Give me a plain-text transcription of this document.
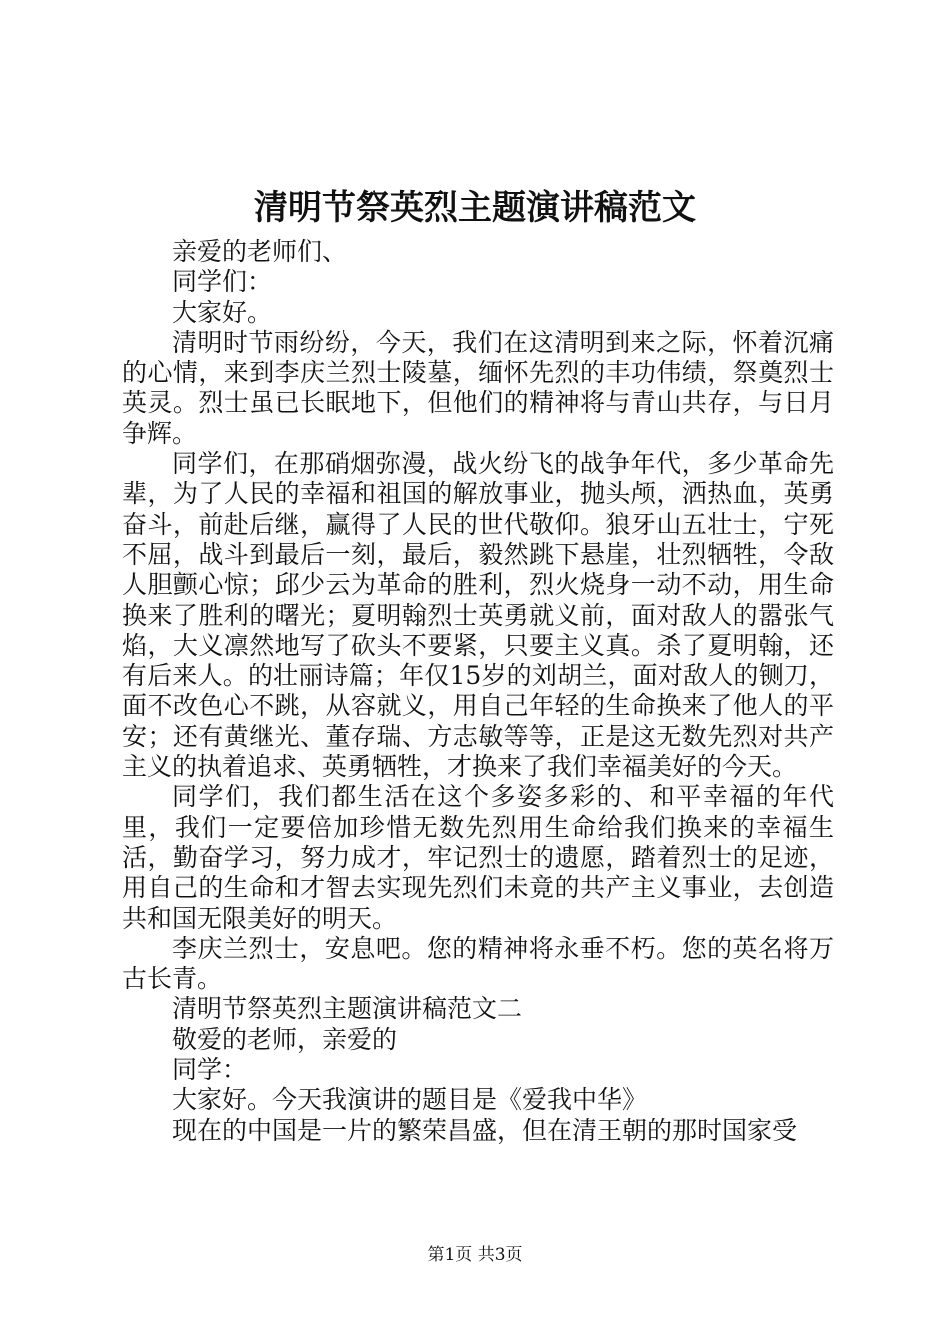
清明节祭英烈主题演讲稿范文

亲爱的老师们、

同学们：

大家好。

清明时节雨纷纷，今天，我们在这清明到来之际，怀着沉痛的心情，来到李庆兰烈士陵墓，缅怀先烈的丰功伟绩，祭奠烈士英灵。烈士虽已长眠地下，但他们的精神将与青山共存，与日月争辉。

同学们，在那硝烟弥漫，战火纷飞的战争年代，多少革命先辈，为了人民的幸福和祖国的解放事业，抛头颅，洒热血，英勇奋斗，前赴后继，赢得了人民的世代敬仰。狼牙山五壮士，宁死不屈，战斗到最后一刻，最后，毅然跳下悬崖，壮烈牺牲，令敌人胆颤心惊；邱少云为革命的胜利，烈火烧身一动不动，用生命换来了胜利的曙光；夏明翰烈士英勇就义前，面对敌人的嚣张气焰，大义凛然地写了砍头不要紧，只要主义真。杀了夏明翰，还有后来人。的壮丽诗篇；年仅15岁的刘胡兰，面对敌人的铡刀，面不改色心不跳，从容就义，用自己年轻的生命换来了他人的平安；还有黄继光、董存瑞、方志敏等等，正是这无数先烈对共产主义的执着追求、英勇牺牲，才换来了我们幸福美好的今天。

同学们，我们都生活在这个多姿多彩的、和平幸福的年代里，我们一定要倍加珍惜无数先烈用生命给我们换来的幸福生活，勤奋学习，努力成才，牢记烈士的遗愿，踏着烈士的足迹，用自己的生命和才智去实现先烈们未竟的共产主义事业，去创造共和国无限美好的明天。

李庆兰烈士，安息吧。您的精神将永垂不朽。您的英名将万古长青。

清明节祭英烈主题演讲稿范文二

敬爱的老师，亲爱的

同学：

大家好。今天我演讲的题目是《爱我中华》

现在的中国是一片的繁荣昌盛，但在清王朝的那时国家受

第1页 共3页
